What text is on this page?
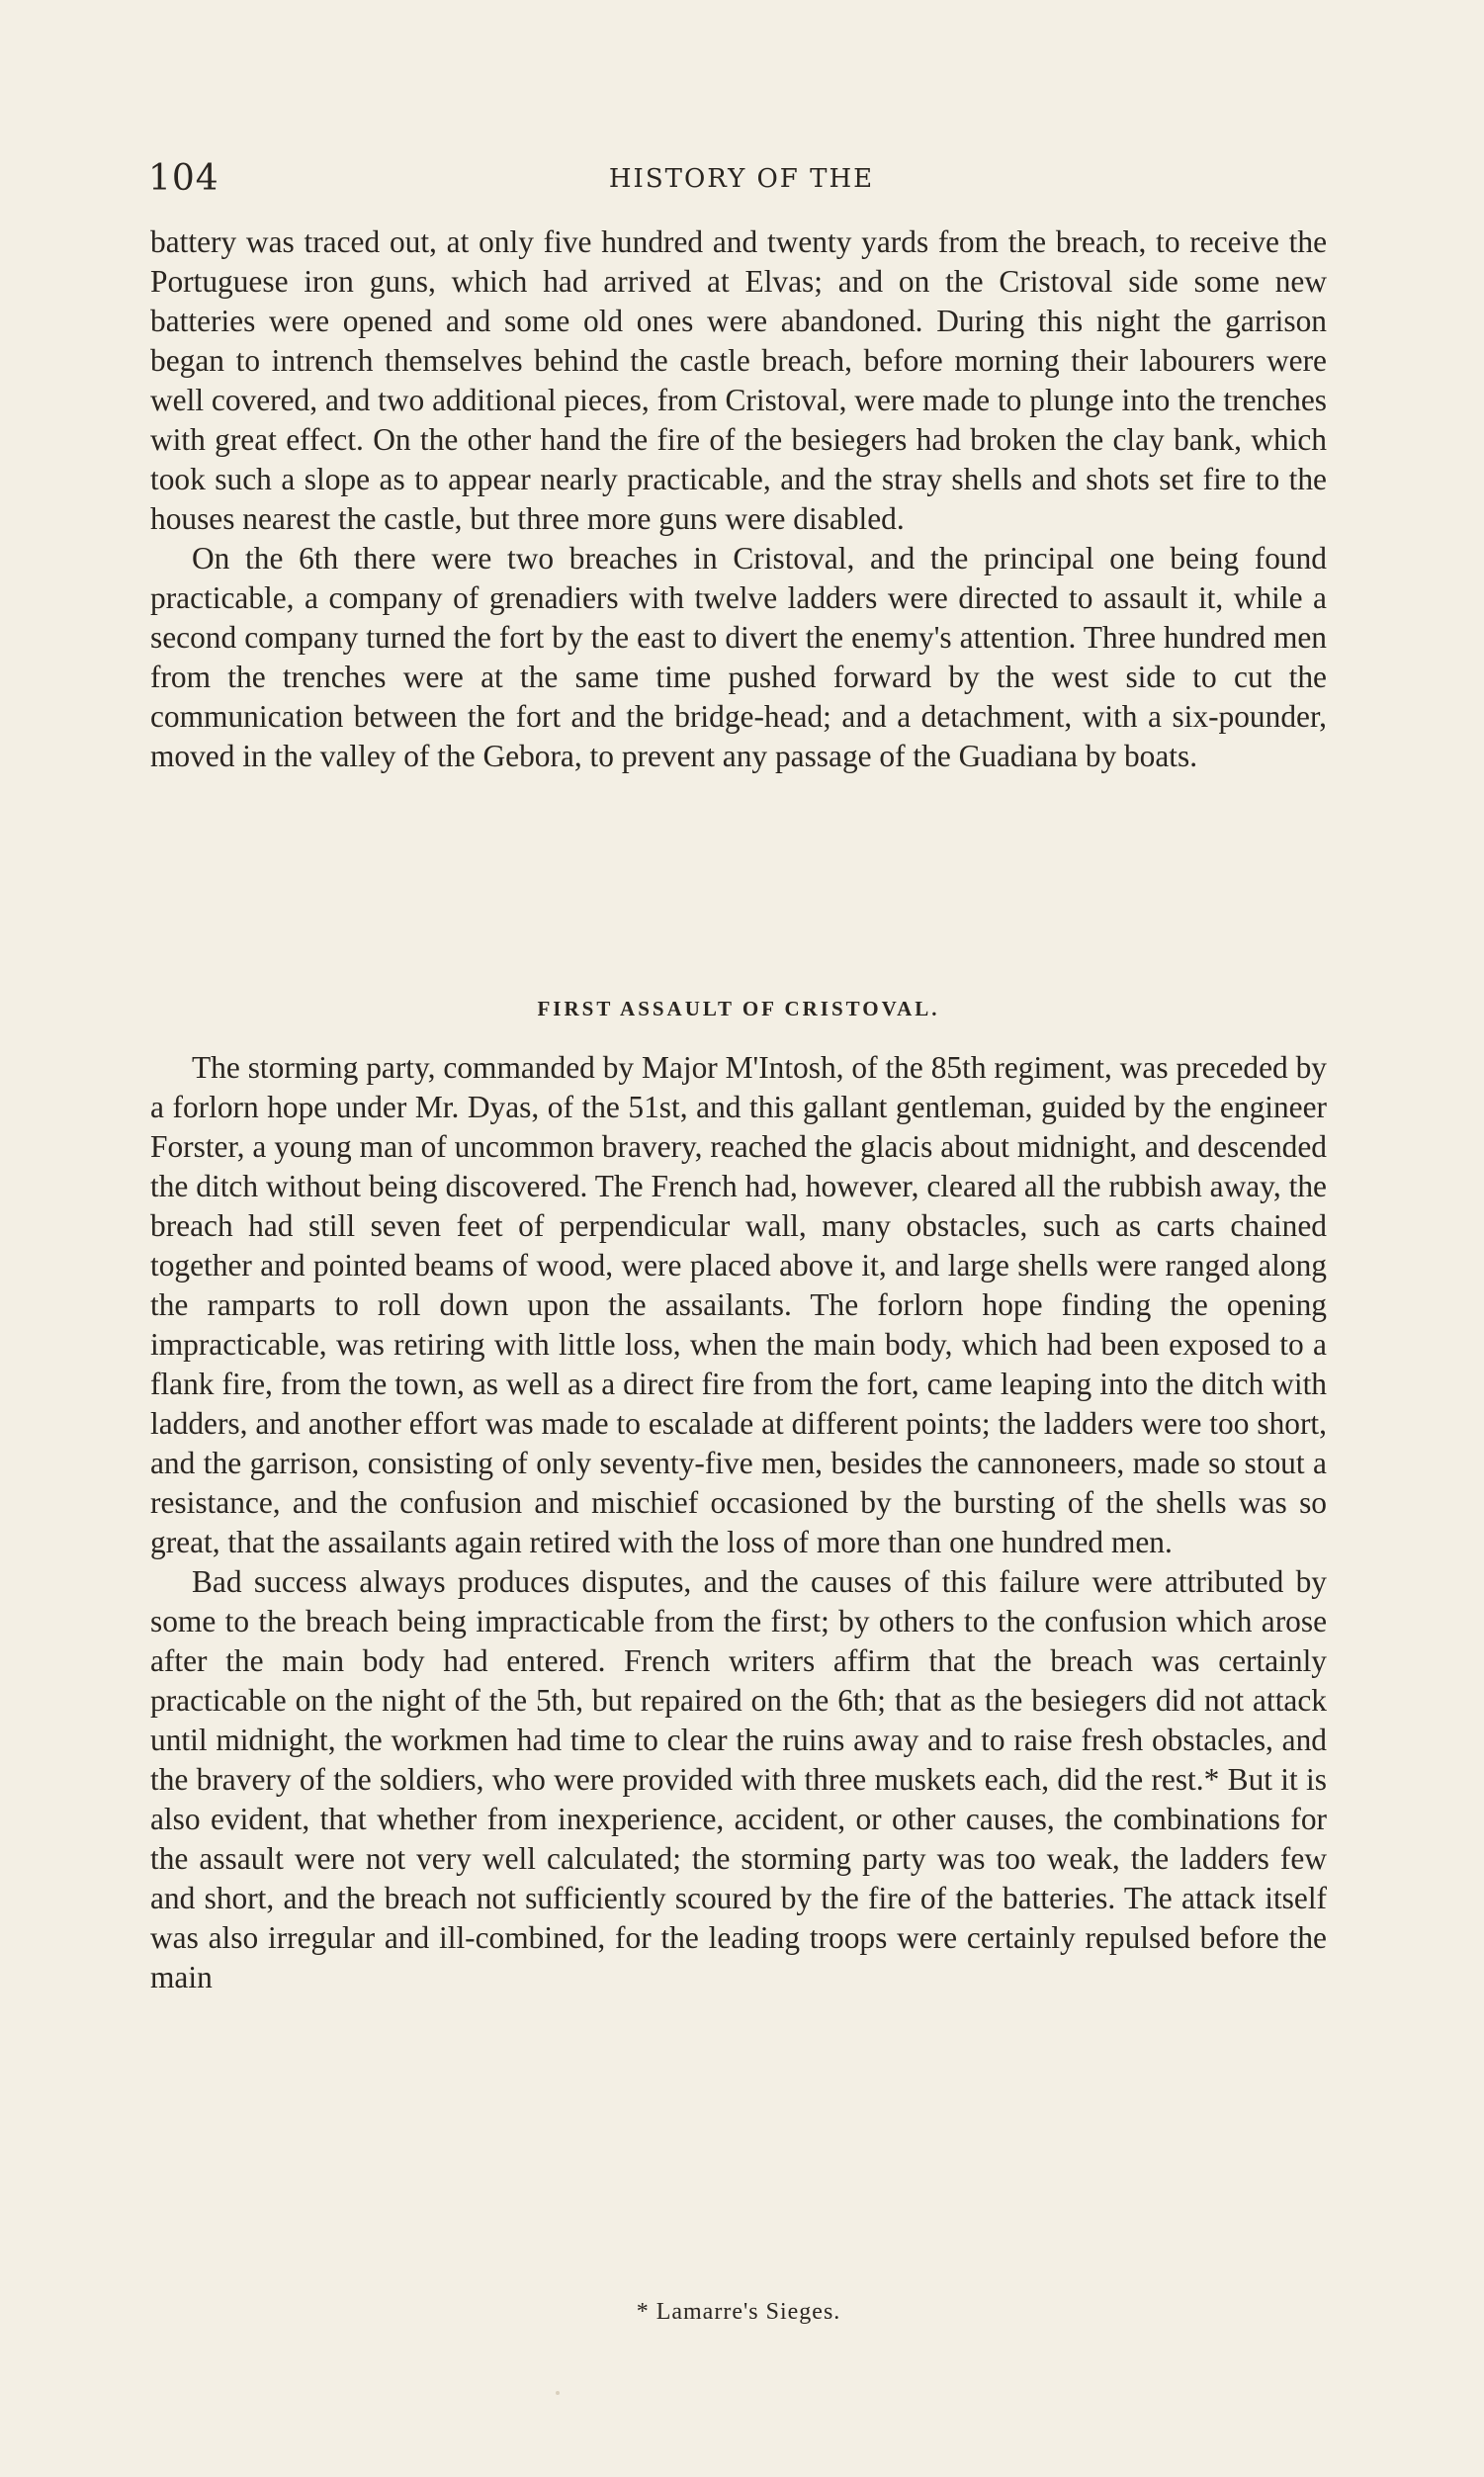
104	HISTORY OF THE

battery was traced out, at only five hundred and twenty yards from the breach, to receive the Portuguese iron guns, which had arrived at Elvas; and on the Cristoval side some new batteries were opened and some old ones were abandoned. During this night the garrison began to intrench themselves behind the castle breach, before morning their labourers were well covered, and two additional pieces, from Cristoval, were made to plunge into the trenches with great effect. On the other hand the fire of the besiegers had broken the clay bank, which took such a slope as to appear nearly practicable, and the stray shells and shots set fire to the houses nearest the castle, but three more guns were disabled.

On the 6th there were two breaches in Cristoval, and the principal one being found practicable, a company of grenadiers with twelve ladders were directed to assault it, while a second company turned the fort by the east to divert the enemy's attention. Three hundred men from the trenches were at the same time pushed forward by the west side to cut the communication between the fort and the bridge-head; and a detachment, with a six-pounder, moved in the valley of the Gebora, to prevent any passage of the Guadiana by boats.

FIRST ASSAULT OF CRISTOVAL.

The storming party, commanded by Major M'Intosh, of the 85th regiment, was preceded by a forlorn hope under Mr. Dyas, of the 51st, and this gallant gentleman, guided by the engineer Forster, a young man of uncommon bravery, reached the glacis about midnight, and descended the ditch without being discovered. The French had, however, cleared all the rubbish away, the breach had still seven feet of perpendicular wall, many obstacles, such as carts chained together and pointed beams of wood, were placed above it, and large shells were ranged along the ramparts to roll down upon the assailants. The forlorn hope finding the opening impracticable, was retiring with little loss, when the main body, which had been exposed to a flank fire, from the town, as well as a direct fire from the fort, came leaping into the ditch with ladders, and another effort was made to escalade at different points; the ladders were too short, and the garrison, consisting of only seventy-five men, besides the cannoneers, made so stout a resistance, and the confusion and mischief occasioned by the bursting of the shells was so great, that the assailants again retired with the loss of more than one hundred men.

Bad success always produces disputes, and the causes of this failure were attributed by some to the breach being impracticable from the first; by others to the confusion which arose after the main body had entered. French writers affirm that the breach was certainly practicable on the night of the 5th, but repaired on the 6th; that as the besiegers did not attack until midnight, the workmen had time to clear the ruins away and to raise fresh obstacles, and the bravery of the soldiers, who were provided with three muskets each, did the rest.* But it is also evident, that whether from inexperience, accident, or other causes, the combinations for the assault were not very well calculated; the storming party was too weak, the ladders few and short, and the breach not sufficiently scoured by the fire of the batteries. The attack itself was also irregular and ill-combined, for the leading troops were certainly repulsed before the main

* Lamarre's Sieges.
